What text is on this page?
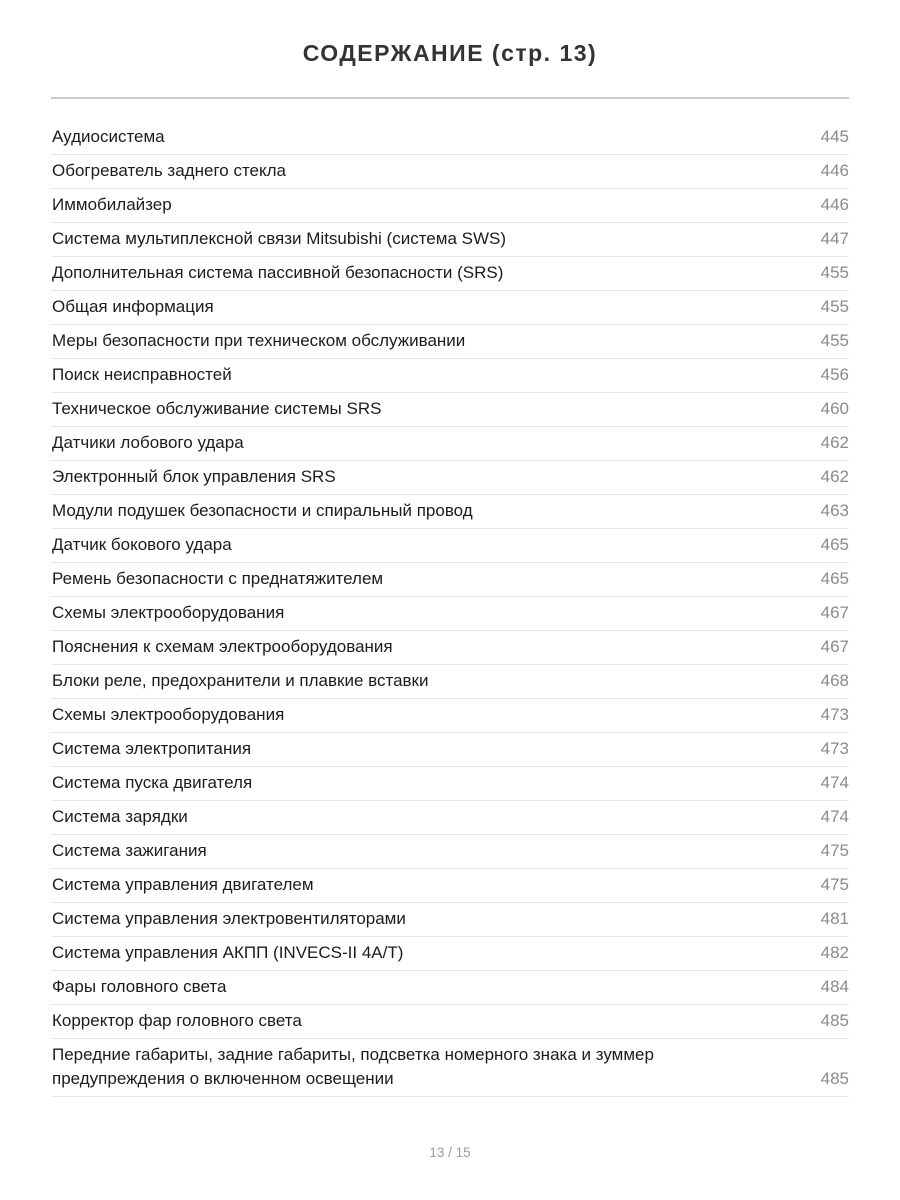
СОДЕРЖАНИЕ (стр. 13)
Аудиосистема	445
Обогреватель заднего стекла	446
Иммобилайзер	446
Система мультиплексной связи Mitsubishi (система SWS)	447
Дополнительная система пассивной безопасности (SRS)	455
Общая информация	455
Меры безопасности при техническом обслуживании	455
Поиск неисправностей	456
Техническое обслуживание системы SRS	460
Датчики лобового удара	462
Электронный блок управления SRS	462
Модули подушек безопасности и спиральный провод	463
Датчик бокового удара	465
Ремень безопасности с преднатяжителем	465
Схемы электрооборудования	467
Пояснения к схемам электрооборудования	467
Блоки реле, предохранители и плавкие вставки	468
Схемы электрооборудования	473
Система электропитания	473
Система пуска двигателя	474
Система зарядки	474
Система зажигания	475
Система управления двигателем	475
Система управления электровентиляторами	481
Система управления АКПП (INVECS-II 4A/T)	482
Фары головного света	484
Корректор фар головного света	485
Передние габариты, задние габариты, подсветка номерного знака и зуммер предупреждения о включенном освещении	485
13 / 15
